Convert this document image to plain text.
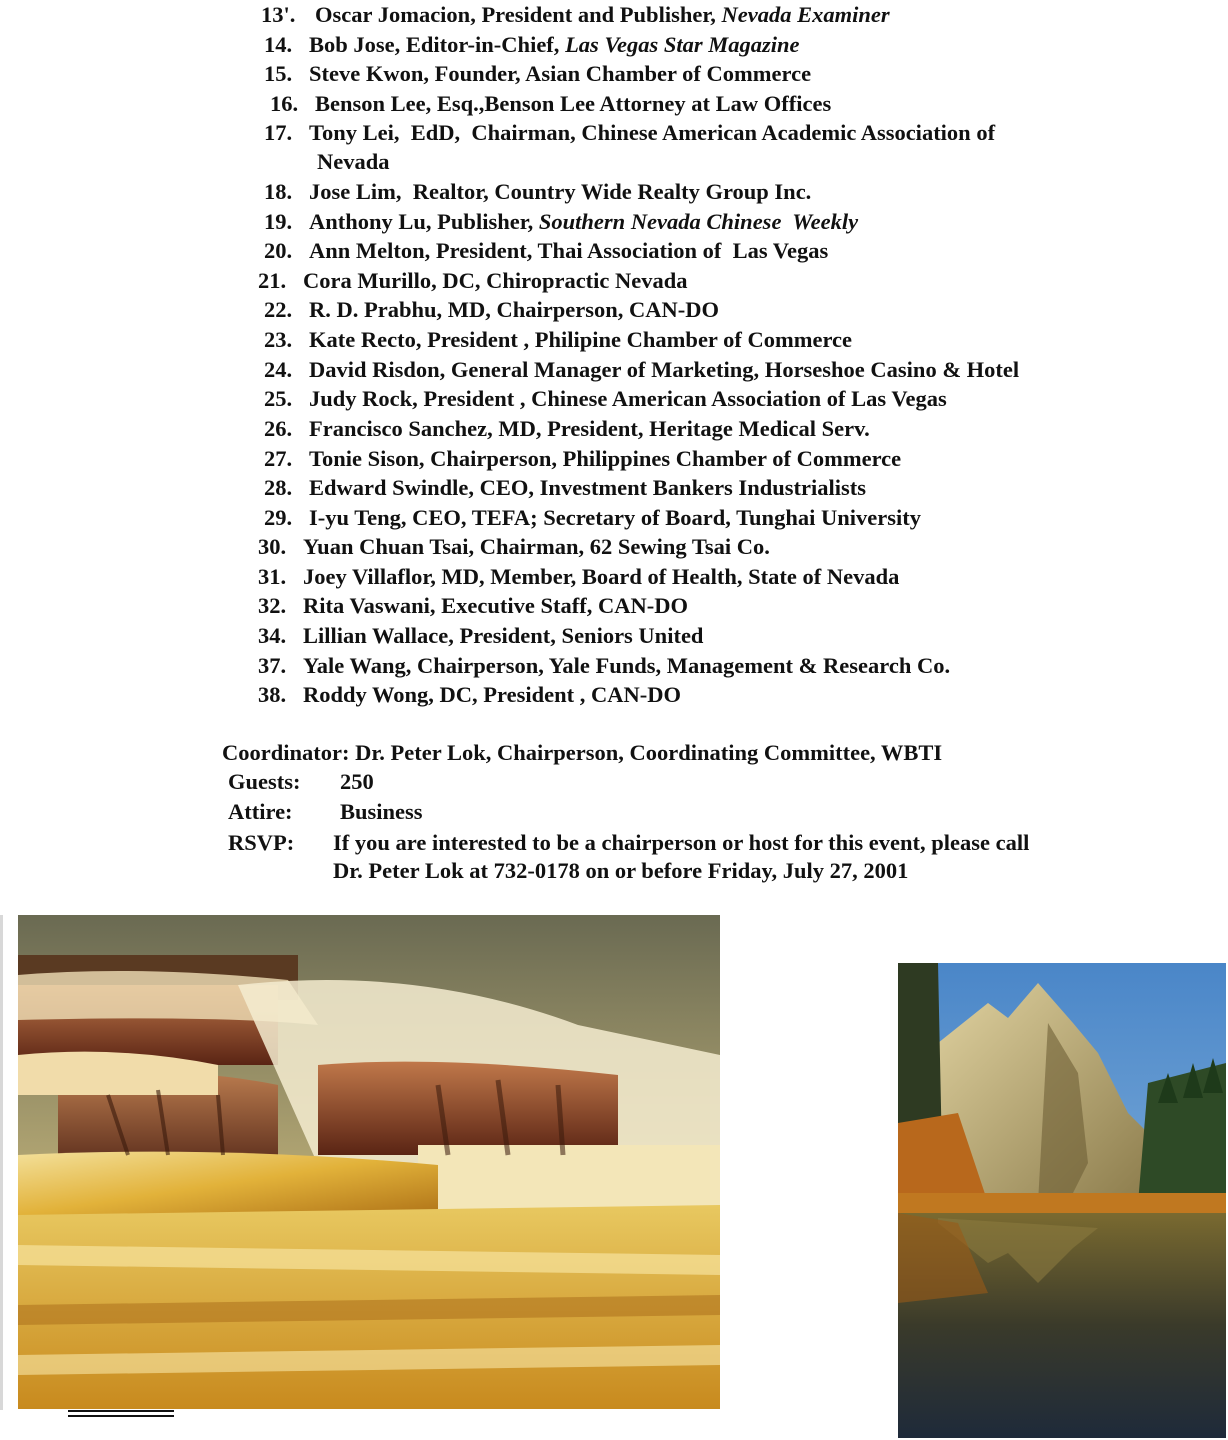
13'. Oscar Jomacion, President and Publisher, Nevada Examiner
14. Bob Jose, Editor-in-Chief, Las Vegas Star Magazine
15. Steve Kwon, Founder, Asian Chamber of Commerce
16. Benson Lee, Esq.,Benson Lee Attorney at Law Offices
17. Tony Lei,  EdD,  Chairman, Chinese American Academic Association of
Nevada
18. Jose Lim,  Realtor, Country Wide Realty Group Inc.
19. Anthony Lu, Publisher, Southern Nevada Chinese  Weekly
20. Ann Melton, President, Thai Association of  Las Vegas
21. Cora Murillo, DC, Chiropractic Nevada
22. R. D. Prabhu, MD, Chairperson, CAN-DO
23. Kate Recto, President , Philipine Chamber of Commerce
24. David Risdon, General Manager of Marketing, Horseshoe Casino & Hotel
25. Judy Rock, President , Chinese American Association of Las Vegas
26. Francisco Sanchez, MD, President, Heritage Medical Serv.
27. Tonie Sison, Chairperson, Philippines Chamber of Commerce
28. Edward Swindle, CEO, Investment Bankers Industrialists
29. I-yu Teng, CEO, TEFA; Secretary of Board, Tunghai University
30. Yuan Chuan Tsai, Chairman, 62 Sewing Tsai Co.
31. Joey Villaflor, MD, Member, Board of Health, State of Nevada
32. Rita Vaswani, Executive Staff, CAN-DO
34. Lillian Wallace, President, Seniors United
37. Yale Wang, Chairperson, Yale Funds, Management & Research Co.
38. Roddy Wong, DC, President , CAN-DO
Coordinator: Dr. Peter Lok, Chairperson, Coordinating Committee, WBTI
Guests: 250
Attire: Business
RSVP: If you are interested to be a chairperson or host for this event, please call
Dr. Peter Lok at 732-0178 on or before Friday, July 27, 2001
